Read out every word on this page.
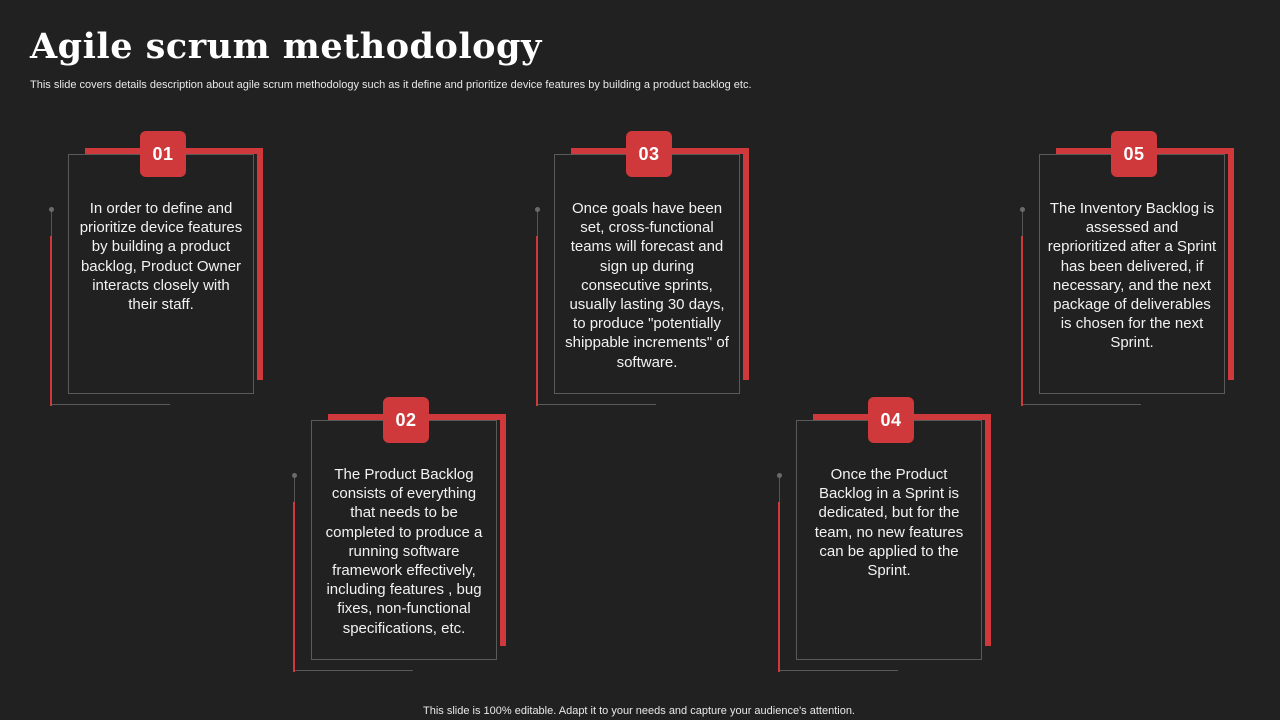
Agile scrum methodology

This slide covers details description about agile scrum methodology such as it define and prioritize device features by building a product backlog etc.

01
In order to define and prioritize device features by building a product backlog, Product Owner interacts closely with their staff.
02
The Product Backlog consists of everything that needs to be completed to produce a running software framework effectively, including features , bug fixes, non-functional specifications, etc.
03
Once goals have been set, cross-functional teams will forecast and sign up during consecutive sprints, usually lasting 30 days, to produce "potentially shippable increments" of software.
04
Once the Product Backlog in a Sprint is dedicated, but for the team, no new features can be applied to the Sprint.
05
The Inventory Backlog is assessed and reprioritized after a Sprint has been delivered, if necessary, and the next package of deliverables is chosen for the next Sprint.
This slide is 100% editable. Adapt it to your needs and capture your audience's attention.
